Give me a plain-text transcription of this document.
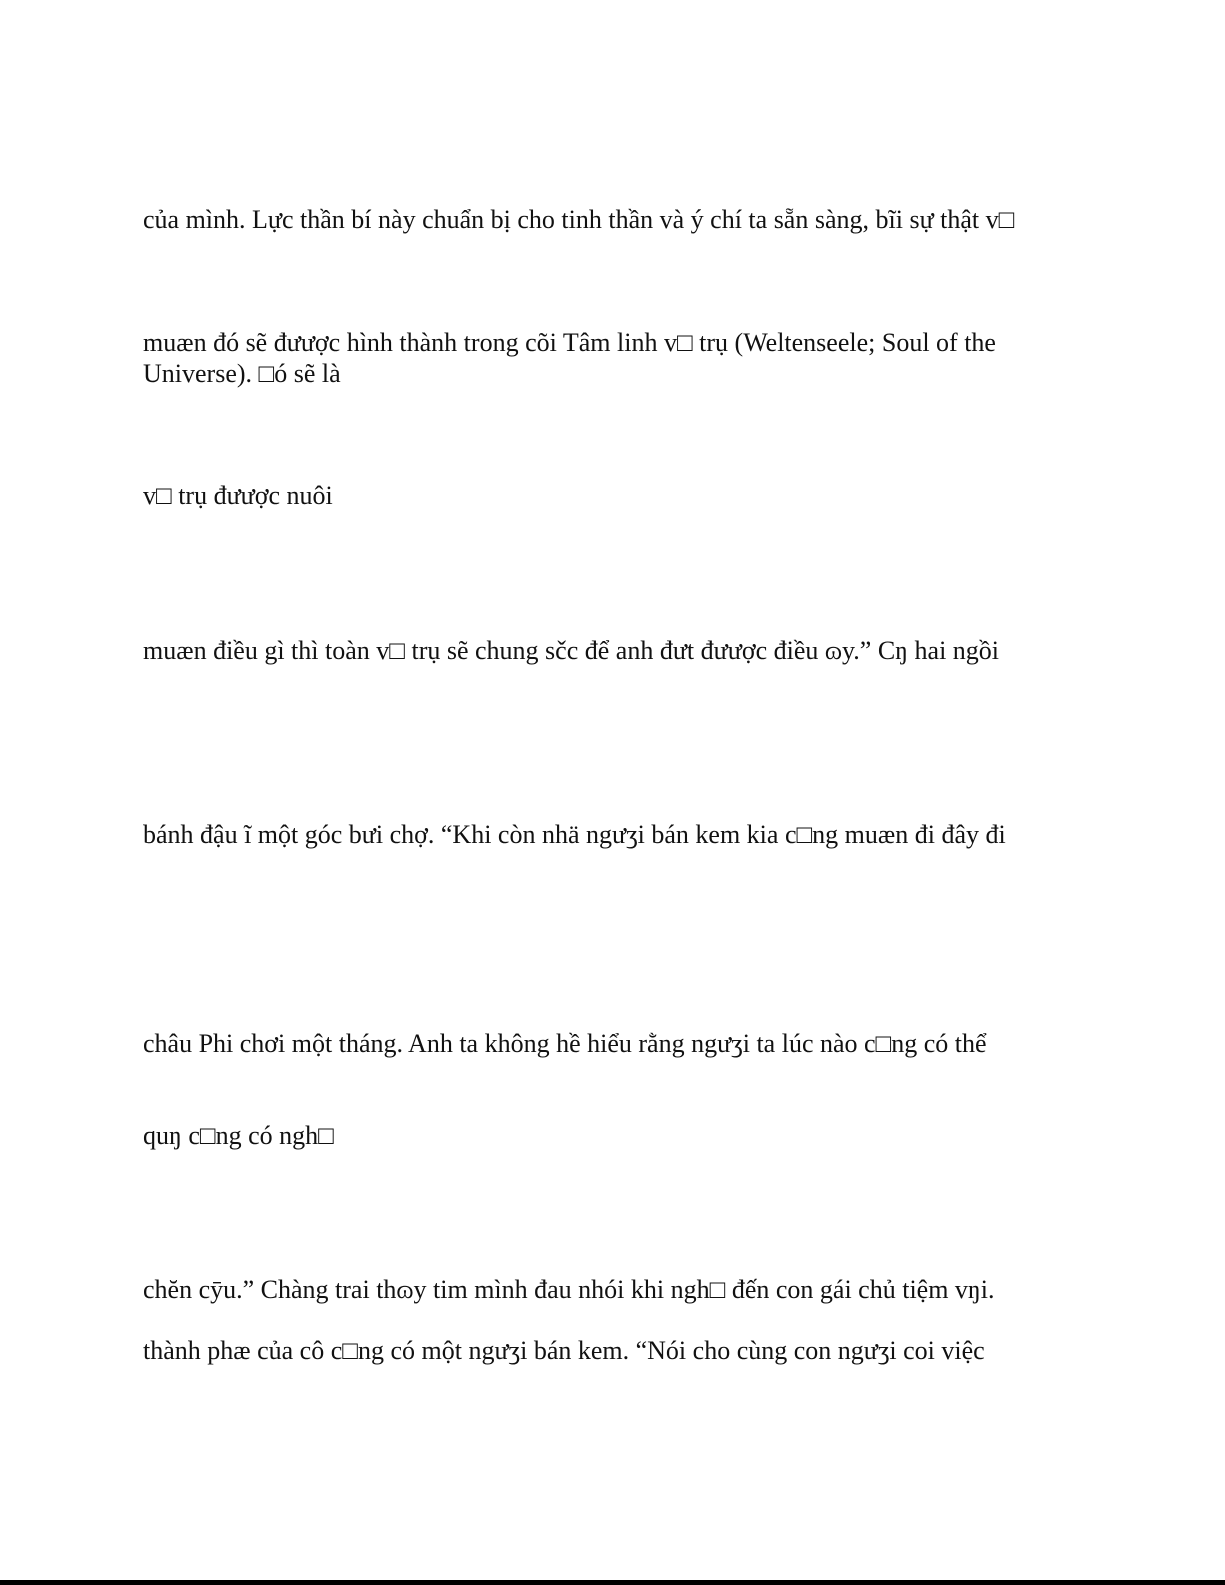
của mình. Lực thần bí này chuẩn bị cho tinh thần và ý chí ta sẵn sàng, bĩi sự thật v□
muæn đó sẽ đưược hình thành trong cõi Tâm linh v□ trụ (Weltenseele; Soul of the
Universe). □ó sẽ là
v□ trụ đưược nuôi
muæn điều gì thì toàn v□ trụ sẽ chung sčc để anh đưt đưược điều ɷy.” Cŋ hai ngồi
bánh đậu ĩ một góc bưi chợ. “Khi còn nhä ngưʒi bán kem kia c□ng muæn đi đây đi
châu Phi chơi một tháng. Anh ta không hề hiểu rằng ngưʒi ta lúc nào c□ng có thể
quŋ c□ng có ngh□
chĕn cȳu.” Chàng trai thɷy tim mình đau nhói khi ngh□ đến con gái chủ tiệm vŋi.
thành phæ của cô c□ng có một ngưʒi bán kem. “Nói cho cùng con ngưʒi coi việc
